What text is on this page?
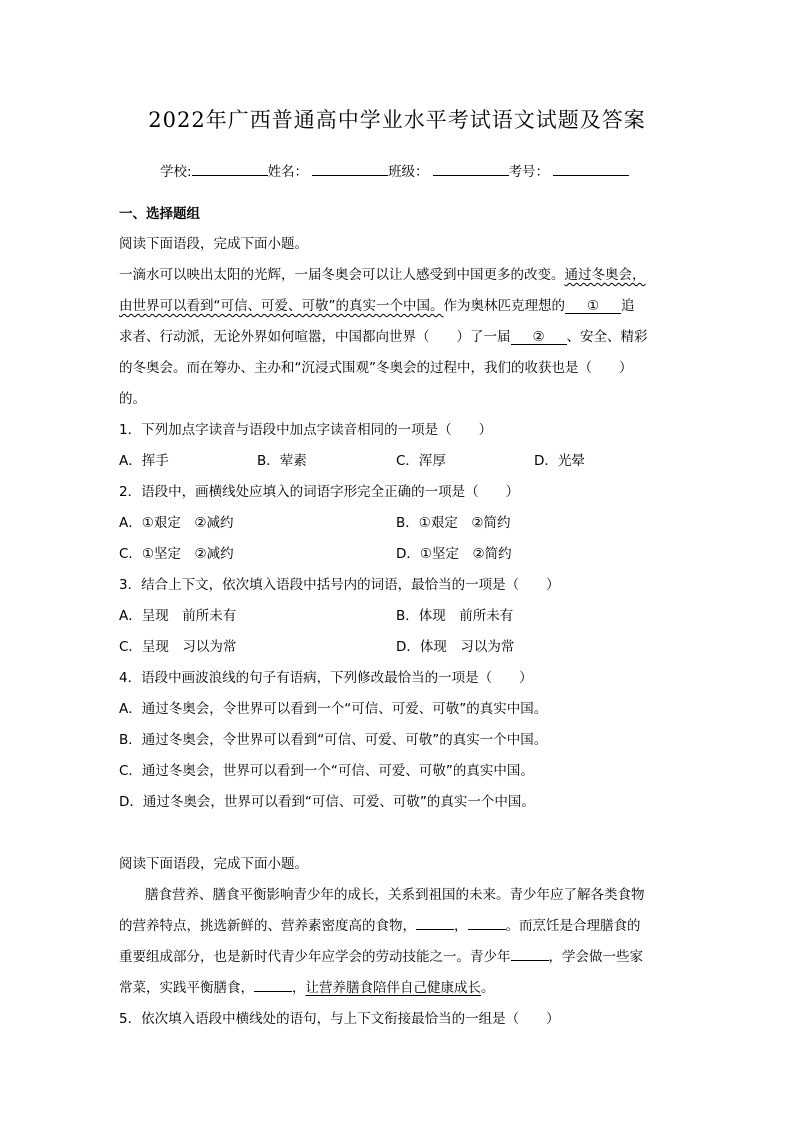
2022年广西普通高中学业水平考试语文试题及答案
学校:	姓名：	班级：	考号：
一、选择题组
阅读下面语段，完成下面小题。
一滴水可以映出太阳的光辉，一届冬奥会可以让人感受到中国更多的改变。通过冬奥会，
由世界可以看到“可信、可爱、可敬”的真实一个中国。作为奥林匹克理想的 ① 追
求者、行动派，无论外界如何喧嚣，中国都向世界（　　）了一届 ② 、安全、精彩
的冬奥会。而在筹办、主办和“沉浸式围观”冬奥会的过程中，我们的收获也是（　　）
的。
1．下列加点字读音与语段中加点字读音相同的一项是（　　）
A．挥手	B．荤素	C．浑厚	D．光晕
2．语段中，画横线处应填入的词语字形完全正确的一项是（　　）
A．①艰定　②减约	B．①艰定　②简约
C．①坚定　②减约	D．①坚定　②简约
3．结合上下文，依次填入语段中括号内的词语，最恰当的一项是（　　）
A．呈现　前所未有	B．体现　前所未有
C．呈现　习以为常	D．体现　习以为常
4．语段中画波浪线的句子有语病，下列修改最恰当的一项是（　　）
A．通过冬奥会，令世界可以看到一个“可信、可爱、可敬”的真实中国。
B．通过冬奥会，令世界可以看到“可信、可爱、可敬”的真实一个中国。
C．通过冬奥会，世界可以看到一个“可信、可爱、可敬”的真实中国。
D．通过冬奥会，世界可以看到“可信、可爱、可敬”的真实一个中国。
阅读下面语段，完成下面小题。
膳食营养、膳食平衡影响青少年的成长，关系到祖国的未来。青少年应了解各类食物
的营养特点，挑选新鲜的、营养素密度高的食物，	，	。而烹饪是合理膳食的
重要组成部分，也是新时代青少年应学会的劳动技能之一。青少年	，学会做一些家
常菜，实践平衡膳食，	，让营养膳食陪伴自己健康成长。
5．依次填入语段中横线处的语句，与上下文衔接最恰当的一组是（　　）
